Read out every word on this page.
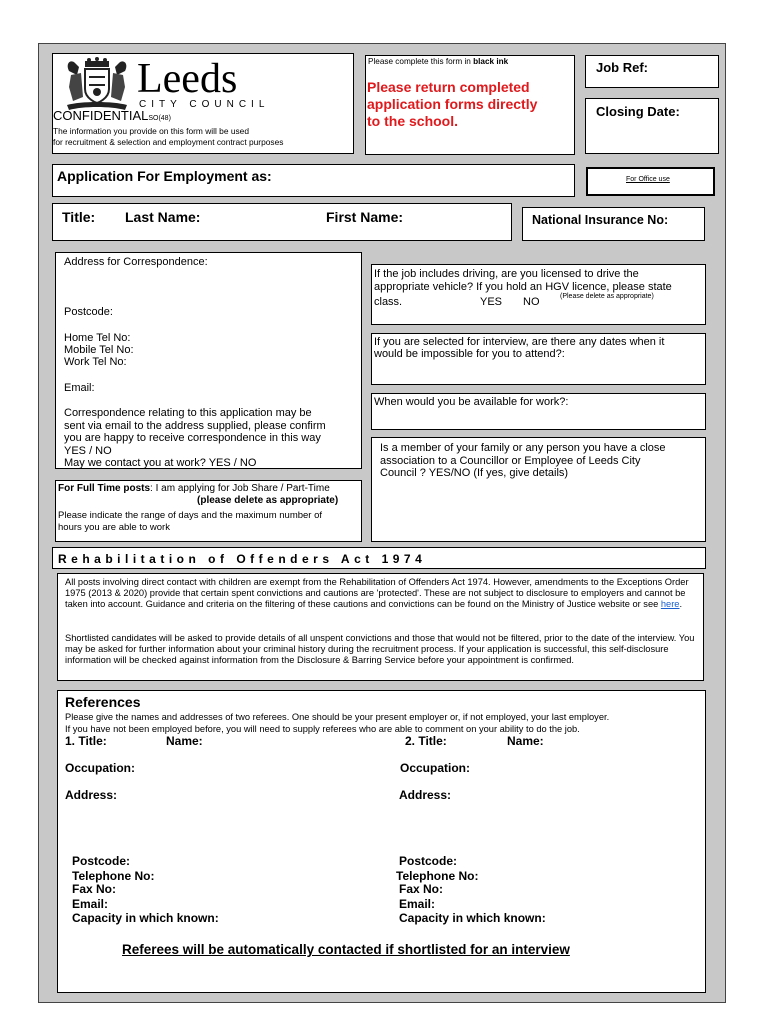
Leeds
CITY COUNCIL
CONFIDENTIALSO(48)
The information you provide on this form will be used
for recruitment & selection and employment contract purposes
Please complete this form in black ink
Please return completed
application forms directly
to the school.
Job Ref:
Closing Date:
Application For Employment as:	For Office use
Title: Last Name:	First Name:	National Insurance No:
Address for Correspondence:
Postcode:
Home Tel No:
Mobile Tel No:
Work Tel No:
Email:
Correspondence relating to this application may be
sent via email to the address supplied, please confirm
you are happy to receive correspondence in this way
YES / NO
May we contact you at work? YES / NO
For Full Time posts: I am applying for Job Share / Part-Time
(please delete as appropriate)
Please indicate the range of days and the maximum number of
hours you are able to work
If the job includes driving, are you licensed to drive the
appropriate vehicle? If you hold an HGV licence, please state
class.	YES NO	(Please delete as appropriate)
If you are selected for interview, are there any dates when it
would be impossible for you to attend?:
When would you be available for work?:
Is a member of your family or any person you have a close
association to a Councillor or Employee of Leeds City
Council ? YES/NO (If yes, give details)
Rehabilitation of Offenders Act 1974
All posts involving direct contact with children are exempt from the Rehabilitation of Offenders Act 1974. However, amendments to the Exceptions Order 1975 (2013 & 2020) provide that certain spent convictions and cautions are 'protected'. These are not subject to disclosure to employers and cannot be taken into account. Guidance and criteria on the filtering of these cautions and convictions can be found on the Ministry of Justice website or see here.
Shortlisted candidates will be asked to provide details of all unspent convictions and those that would not be filtered, prior to the date of the interview. You may be asked for further information about your criminal history during the recruitment process. If your application is successful, this self-disclosure information will be checked against information from the Disclosure & Barring Service before your appointment is confirmed.
References
Please give the names and addresses of two referees. One should be your present employer or, if not employed, your last employer.
If you have not been employed before, you will need to supply referees who are able to comment on your ability to do the job.
1. Title:	Name:	2. Title:	Name:
Occupation:	Occupation:
Address:	Address:
Postcode:
Telephone No:
Fax No:
Email:
Capacity in which known:
Postcode:
Telephone No:
Fax No:
Email:
Capacity in which known:
Referees will be automatically contacted if shortlisted for an interview
